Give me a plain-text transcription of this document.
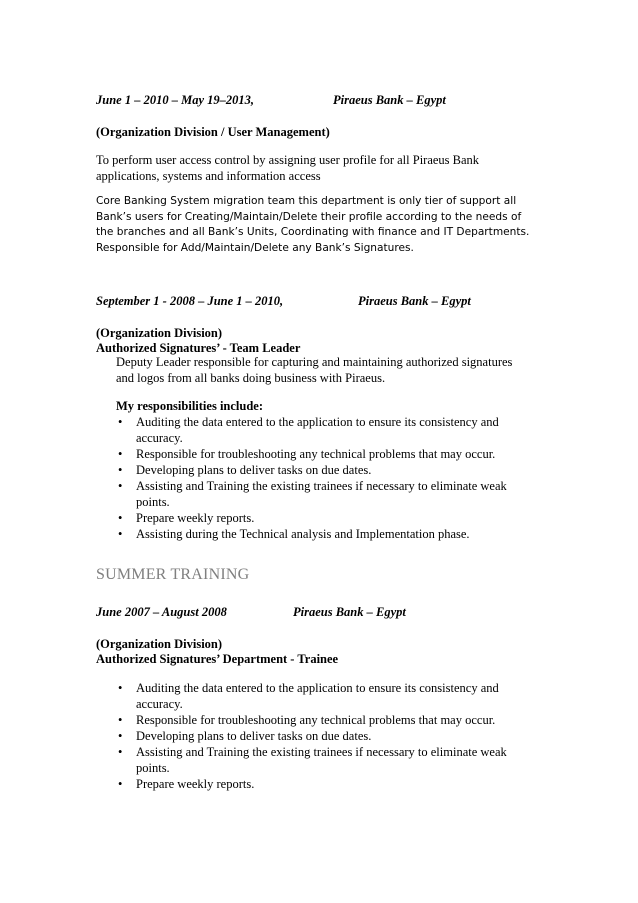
June 1 – 2010 – May 19–2013,	Piraeus Bank – Egypt
(Organization Division / User Management)
To perform user access control by assigning user profile for all Piraeus Bank
applications, systems and information access
Core Banking System migration team this department is only tier of support all
Bank’s users for Creating/Maintain/Delete their profile according to the needs of
the branches and all Bank’s Units, Coordinating with finance and IT Departments.
Responsible for Add/Maintain/Delete any Bank’s Signatures.
September 1 - 2008 – June 1 – 2010,	Piraeus Bank – Egypt
(Organization Division)
Authorized Signatures’ - Team Leader
Deputy Leader responsible for capturing and maintaining authorized signatures
and logos from all banks doing business with Piraeus.
My responsibilities include:
• Auditing the data entered to the application to ensure its consistency and
accuracy.
• Responsible for troubleshooting any technical problems that may occur.
• Developing plans to deliver tasks on due dates.
• Assisting and Training the existing trainees if necessary to eliminate weak
points.
• Prepare weekly reports.
• Assisting during the Technical analysis and Implementation phase.
SUMMER TRAINING
June 2007 – August 2008	Piraeus Bank – Egypt
(Organization Division)
Authorized Signatures’ Department - Trainee
• Auditing the data entered to the application to ensure its consistency and
accuracy.
• Responsible for troubleshooting any technical problems that may occur.
• Developing plans to deliver tasks on due dates.
• Assisting and Training the existing trainees if necessary to eliminate weak
points.
• Prepare weekly reports.
